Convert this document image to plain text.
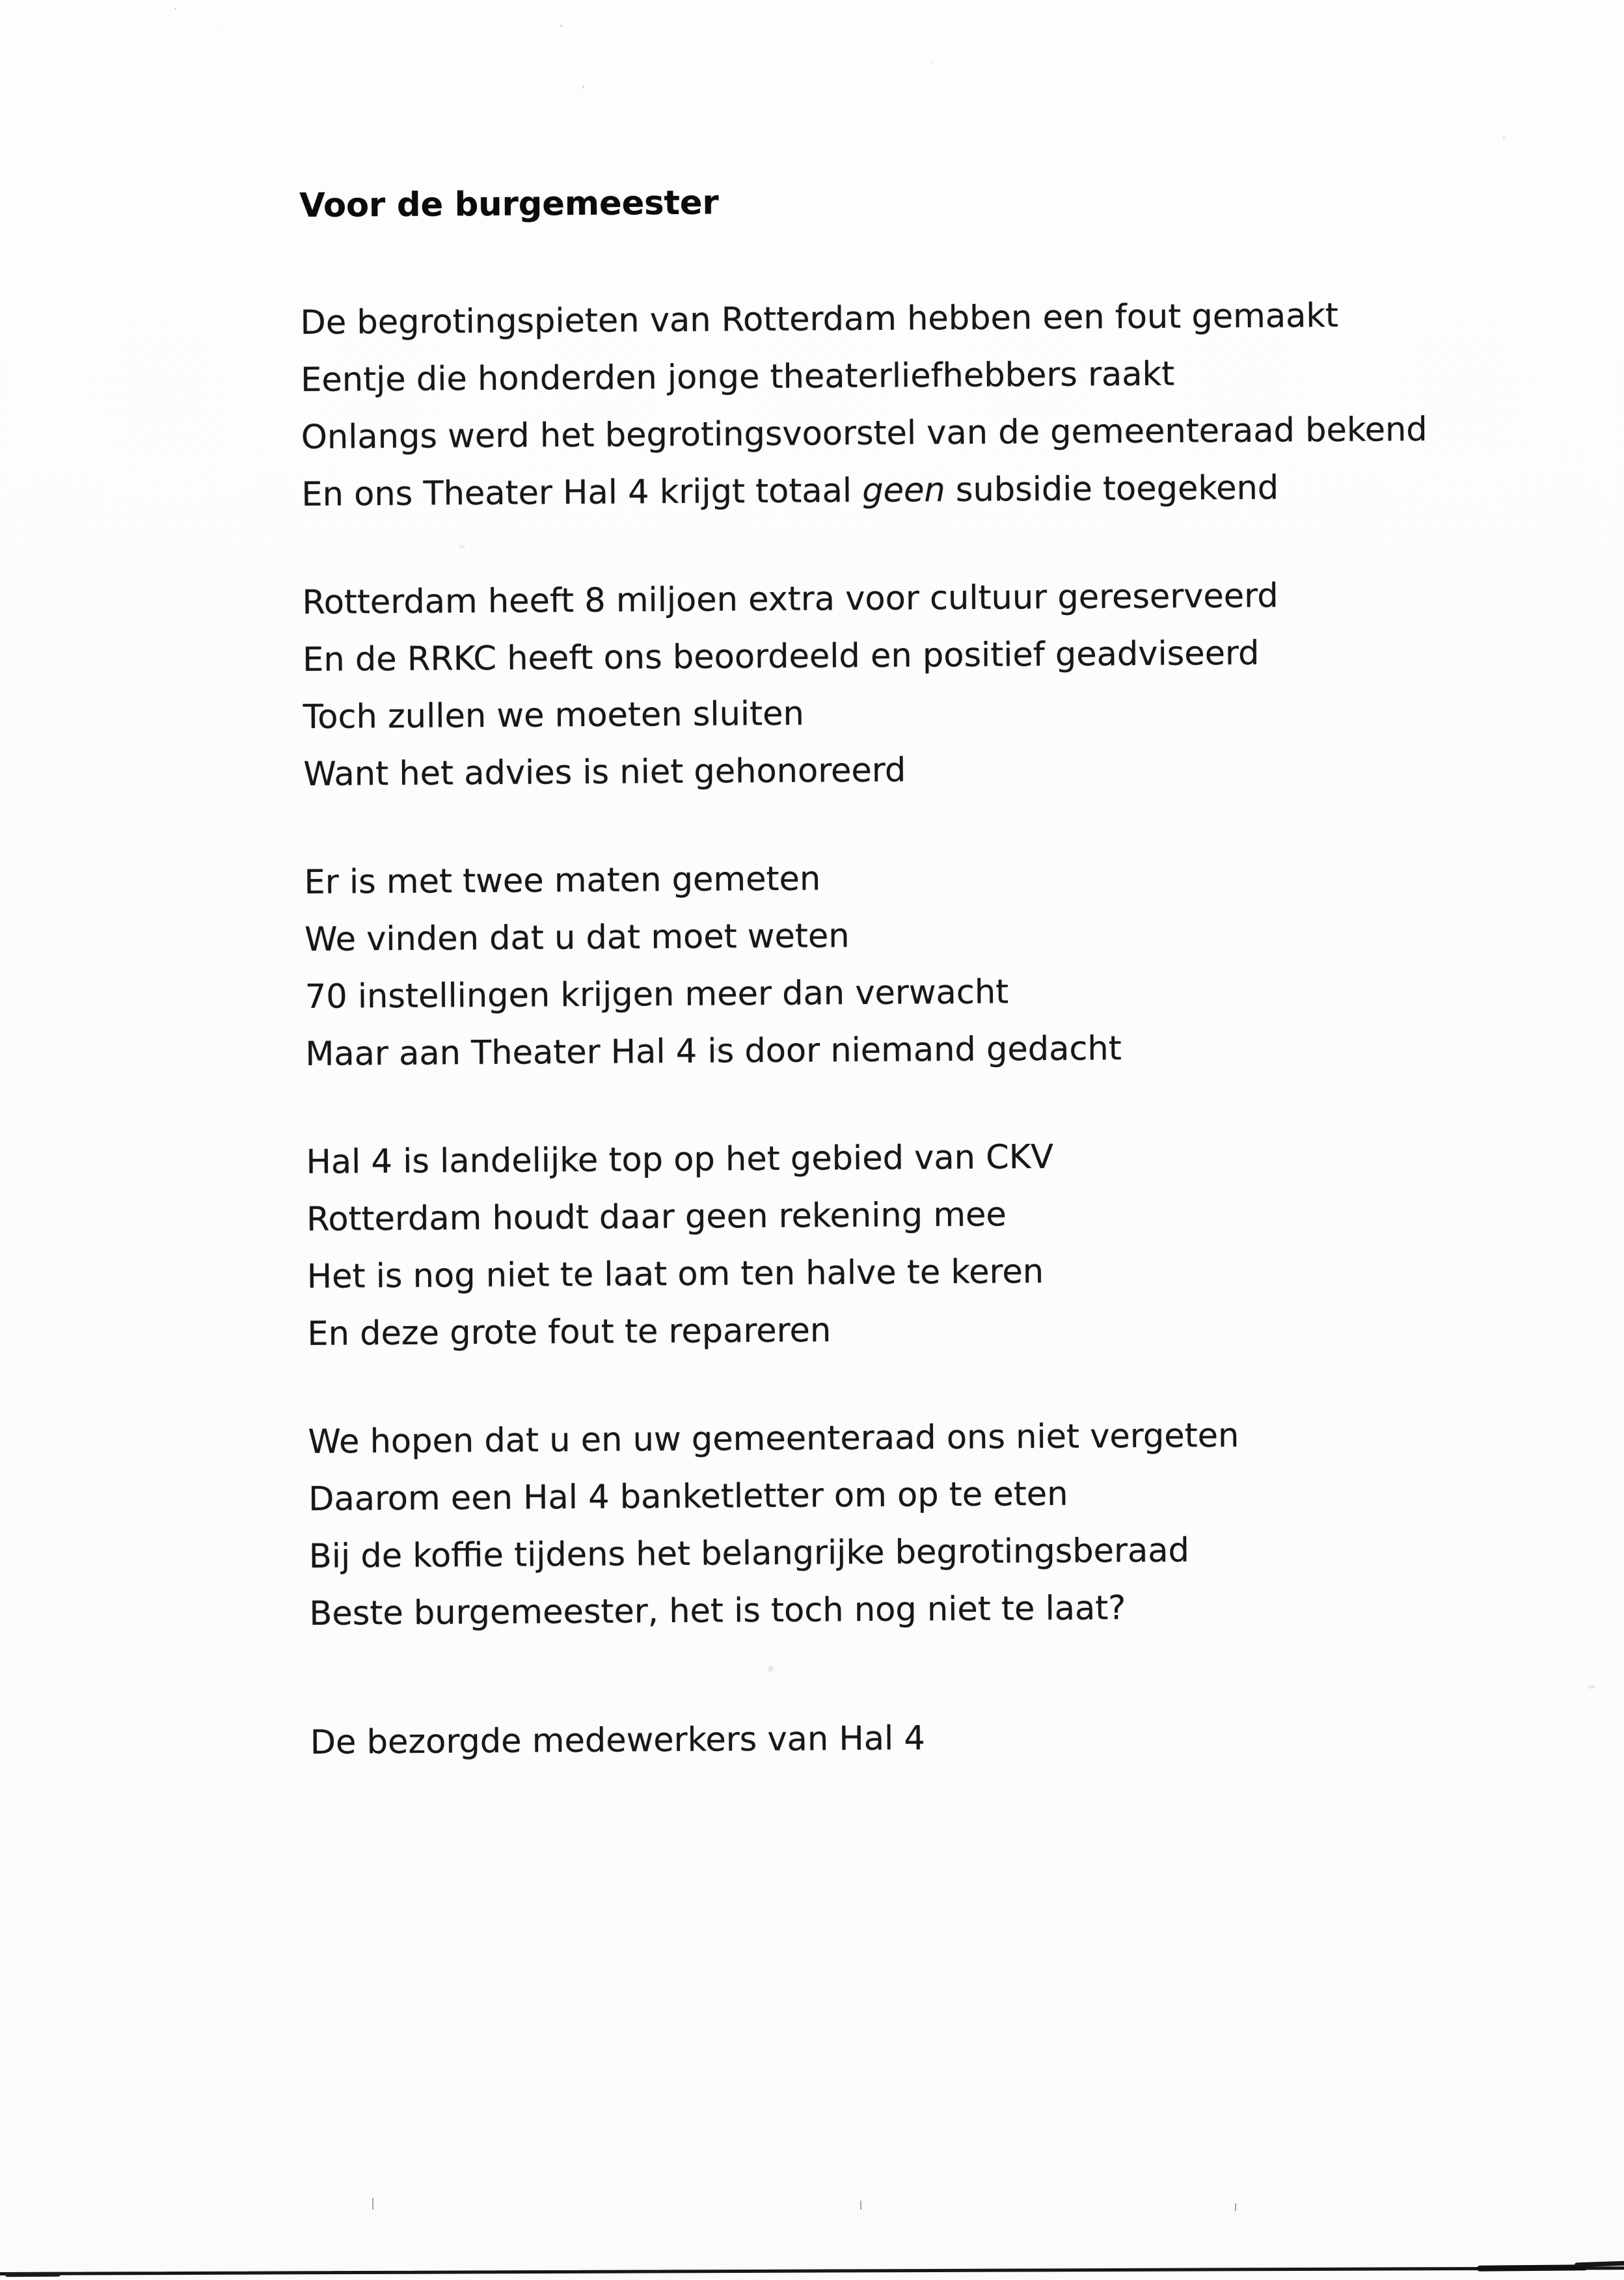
Voor de burgemeester

De begrotingspieten van Rotterdam hebben een fout gemaakt

Eentje die honderden jonge theaterliefhebbers raakt

Onlangs werd het begrotingsvoorstel van de gemeenteraad bekend

En ons Theater Hal 4 krijgt totaal geen subsidie toegekend

Rotterdam heeft 8 miljoen extra voor cultuur gereserveerd

En de RRKC heeft ons beoordeeld en positief geadviseerd

Toch zullen we moeten sluiten

Want het advies is niet gehonoreerd

Er is met twee maten gemeten

We vinden dat u dat moet weten

70 instellingen krijgen meer dan verwacht

Maar aan Theater Hal 4 is door niemand gedacht

Hal 4 is landelijke top op het gebied van CKV

Rotterdam houdt daar geen rekening mee

Het is nog niet te laat om ten halve te keren

En deze grote fout te repareren

We hopen dat u en uw gemeenteraad ons niet vergeten

Daarom een Hal 4 banketletter om op te eten

Bij de koffie tijdens het belangrijke begrotingsberaad

Beste burgemeester, het is toch nog niet te laat?

De bezorgde medewerkers van Hal 4
